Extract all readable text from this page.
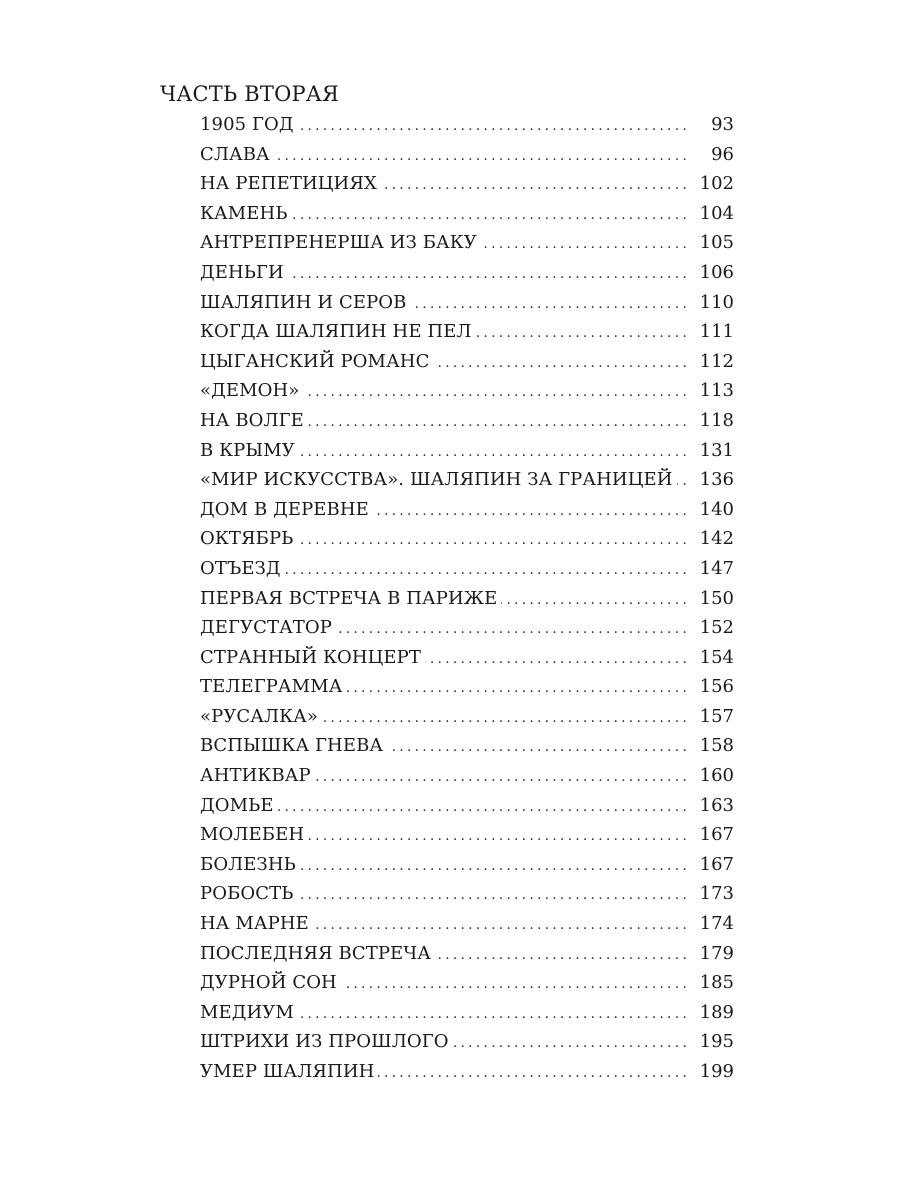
ЧАСТЬ ВТОРАЯ
1905 ГОД .....	93
СЛАВА .....	96
НА РЕПЕТИЦИЯХ .....	102
КАМЕНЬ .....	104
АНТРЕПРЕНЕРША ИЗ БАКУ .....	105
ДЕНЬГИ .....	106
ШАЛЯПИН И СЕРОВ .....	110
КОГДА ШАЛЯПИН НЕ ПЕЛ .....	111
ЦЫГАНСКИЙ РОМАНС .....	112
«ДЕМОН» .....	113
НА ВОЛГЕ .....	118
В КРЫМУ .....	131
«МИР ИСКУССТВА». ШАЛЯПИН ЗА ГРАНИЦЕЙ .....	136
ДОМ В ДЕРЕВНЕ .....	140
ОКТЯБРЬ .....	142
ОТЪЕЗД .....	147
ПЕРВАЯ ВСТРЕЧА В ПАРИЖЕ .....	150
ДЕГУСТАТОР .....	152
СТРАННЫЙ КОНЦЕРТ .....	154
ТЕЛЕГРАММА .....	156
«РУСАЛКА» .....	157
ВСПЫШКА ГНЕВА .....	158
АНТИКВАР .....	160
ДОМЬЕ .....	163
МОЛЕБЕН .....	167
БОЛЕЗНЬ .....	167
РОБОСТЬ .....	173
НА МАРНЕ .....	174
ПОСЛЕДНЯЯ ВСТРЕЧА .....	179
ДУРНОЙ СОН .....	185
МЕДИУМ .....	189
ШТРИХИ ИЗ ПРОШЛОГО .....	195
УМЕР ШАЛЯПИН .....	199
